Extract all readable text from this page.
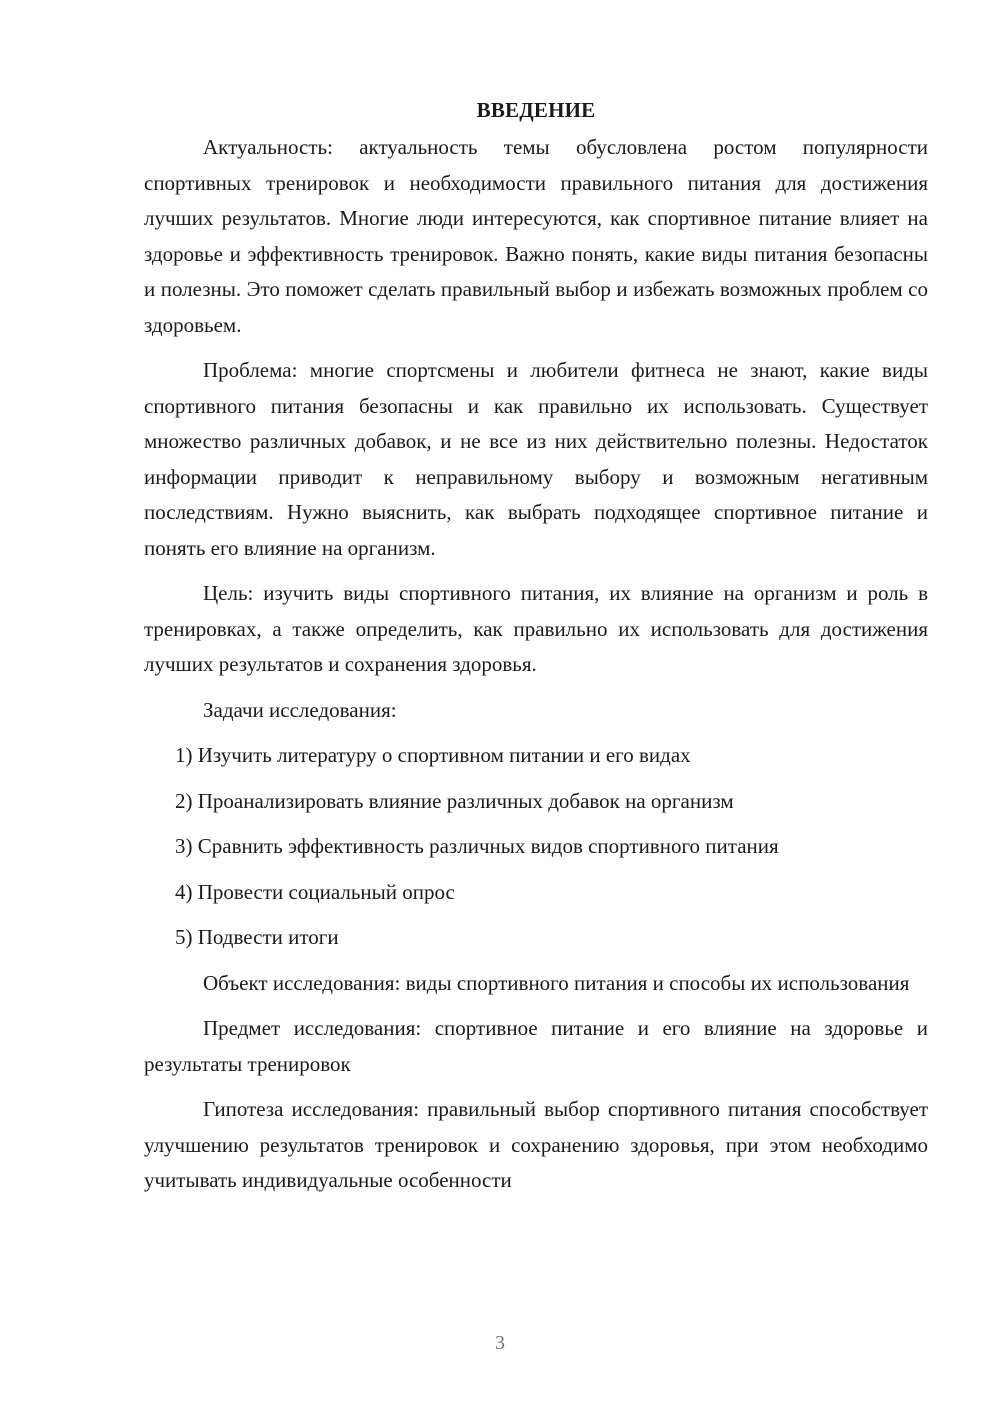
ВВЕДЕНИЕ

Актуальность: актуальность темы обусловлена ростом популярности спортивных тренировок и необходимости правильного питания для достижения лучших результатов. Многие люди интересуются, как спортивное питание влияет на здоровье и эффективность тренировок. Важно понять, какие виды питания безопасны и полезны. Это поможет сделать правильный выбор и избежать возможных проблем со здоровьем.

Проблема: многие спортсмены и любители фитнеса не знают, какие виды спортивного питания безопасны и как правильно их использовать. Существует множество различных добавок, и не все из них действительно полезны. Недостаток информации приводит к неправильному выбору и возможным негативным последствиям. Нужно выяснить, как выбрать подходящее спортивное питание и понять его влияние на организм.

Цель: изучить виды спортивного питания, их влияние на организм и роль в тренировках, а также определить, как правильно их использовать для достижения лучших результатов и сохранения здоровья.

Задачи исследования:

1) Изучить литературу о спортивном питании и его видах
2) Проанализировать влияние различных добавок на организм
3) Сравнить эффективность различных видов спортивного питания
4) Провести социальный опрос
5) Подвести итоги

Объект исследования: виды спортивного питания и способы их использования

Предмет исследования: спортивное питание и его влияние на здоровье и результаты тренировок

Гипотеза исследования: правильный выбор спортивного питания способствует улучшению результатов тренировок и сохранению здоровья, при этом необходимо учитывать индивидуальные особенности

3
